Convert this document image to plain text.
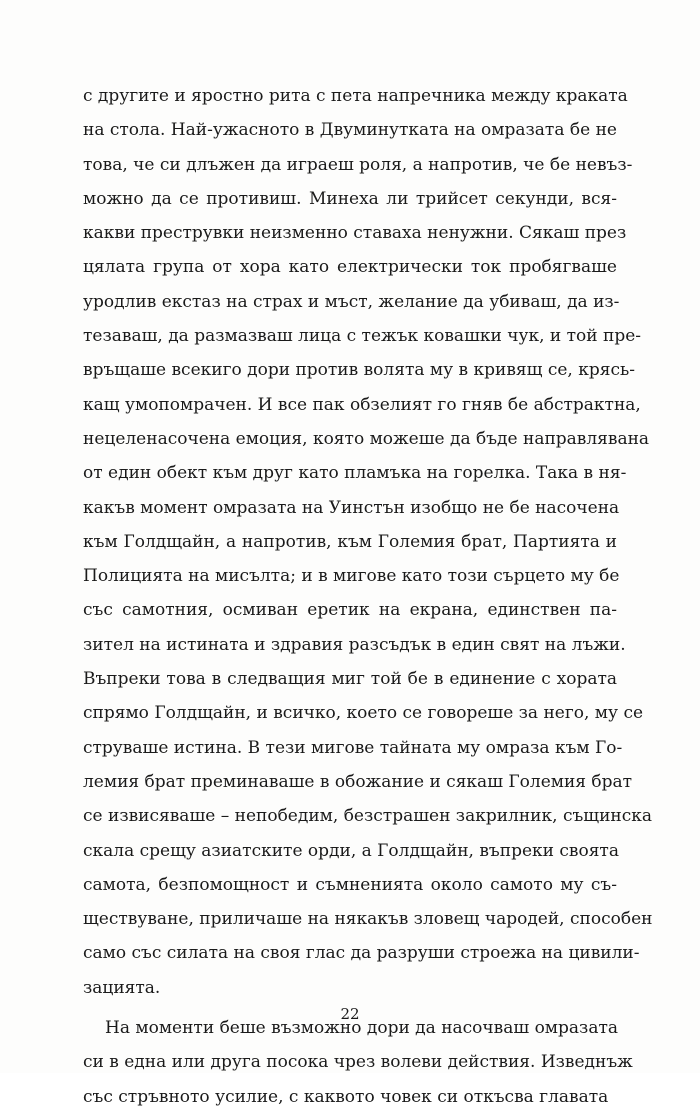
с другите и яростно рита с пета напречника между краката
на стола. Най-ужасното в Двуминутката на омразата бе не
това, че си длъжен да играеш роля, а напротив, че бе невъз-
можно да се противиш. Минеха ли трийсет секунди, вся-
какви преструвки неизменно ставаха ненужни. Сякаш през
цялата група от хора като електрически ток пробягваше
уродлив екстаз на страх и мъст, желание да убиваш, да из-
тезаваш, да размазваш лица с тежък ковашки чук, и той пре-
връщаше всекиго дори против волята му в кривящ се, крясь-
кащ умопомрачен. И все пак обзелият го гняв бе абстрактна,
нецеленасочена емоция, която можеше да бъде направлявана
от един обект към друг като пламъка на горелка. Така в ня-
какъв момент омразата на Уинстън изобщо не бе насочена
към Голдщайн, а напротив, към Големия брат, Партията и
Полицията на мисълта; и в мигове като този сърцето му бе
със самотния, осмиван еретик на екрана, единствен па-
зител на истината и здравия разсъдък в един свят на лъжи.
Въпреки това в следващия миг той бе в единение с хората
спрямо Голдщайн, и всичко, което се говореше за него, му се
струваше истина. В тези мигове тайната му омраза към Го-
лемия брат преминаваше в обожание и сякаш Големия брат
се извисяваше – непобедим, безстрашен закрилник, същинска
скала срещу азиатските орди, а Голдщайн, въпреки своята
самота, безпомощност и съмненията около самото му съ-
ществуване, приличаше на някакъв зловещ чародей, способен
само със силата на своя глас да разруши строежа на цивили-
зацията.
На моменти беше възможно дори да насочваш омразата
си в една или друга посока чрез волеви действия. Изведнъж
със стръвното усилие, с каквото човек си откъсва главата
22
